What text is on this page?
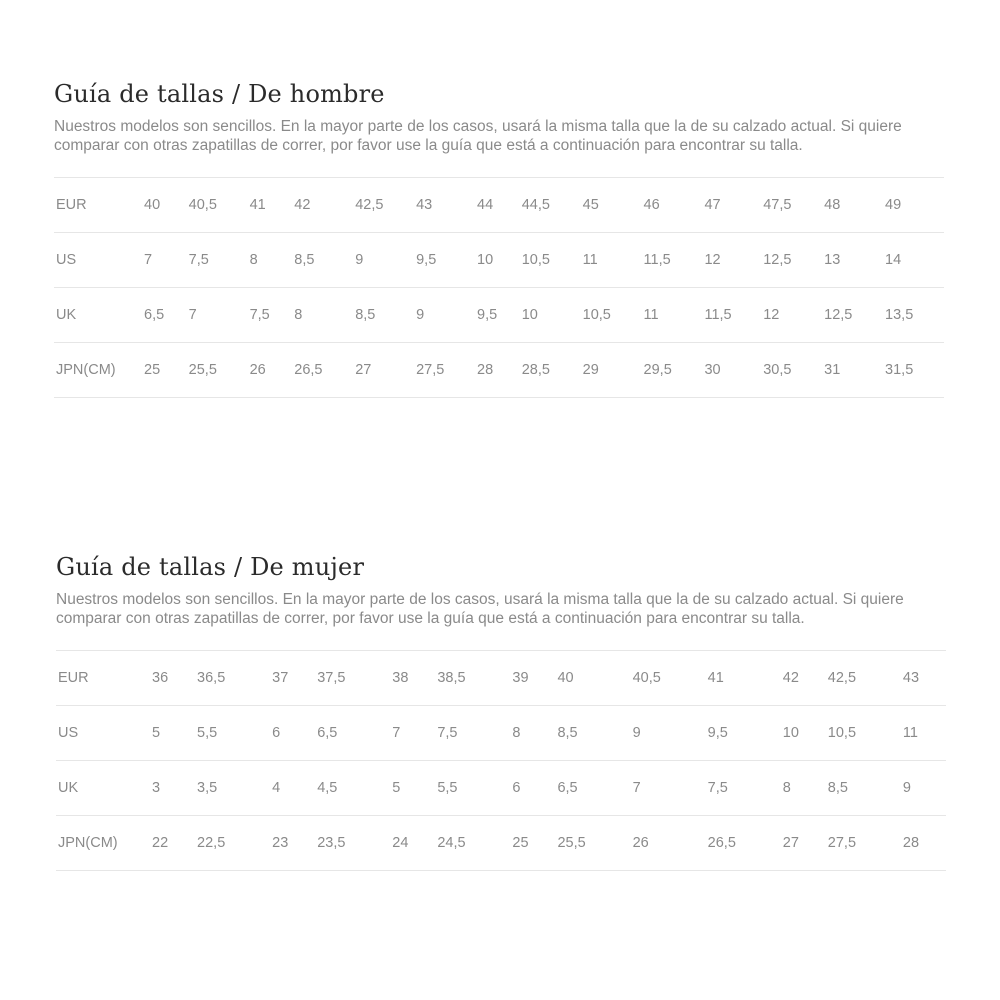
Guía de tallas / De hombre

Nuestros modelos son sencillos. En la mayor parte de los casos, usará la misma talla que la de su calzado actual. Si quiere
comparar con otras zapatillas de correr, por favor use la guía que está a continuación para encontrar su talla.

EUR	40	40,5	41	42	42,5	43	44	44,5	45	46	47	47,5	48	49
US	7	7,5	8	8,5	9	9,5	10	10,5	11	11,5	12	12,5	13	14
UK	6,5	7	7,5	8	8,5	9	9,5	10	10,5	11	11,5	12	12,5	13,5
JPN(CM)	25	25,5	26	26,5	27	27,5	28	28,5	29	29,5	30	30,5	31	31,5
Guía de tallas / De mujer

Nuestros modelos son sencillos. En la mayor parte de los casos, usará la misma talla que la de su calzado actual. Si quiere
comparar con otras zapatillas de correr, por favor use la guía que está a continuación para encontrar su talla.

EUR	36	36,5	37	37,5	38	38,5	39	40	40,5	41	42	42,5	43
US	5	5,5	6	6,5	7	7,5	8	8,5	9	9,5	10	10,5	11
UK	3	3,5	4	4,5	5	5,5	6	6,5	7	7,5	8	8,5	9
JPN(CM)	22	22,5	23	23,5	24	24,5	25	25,5	26	26,5	27	27,5	28
